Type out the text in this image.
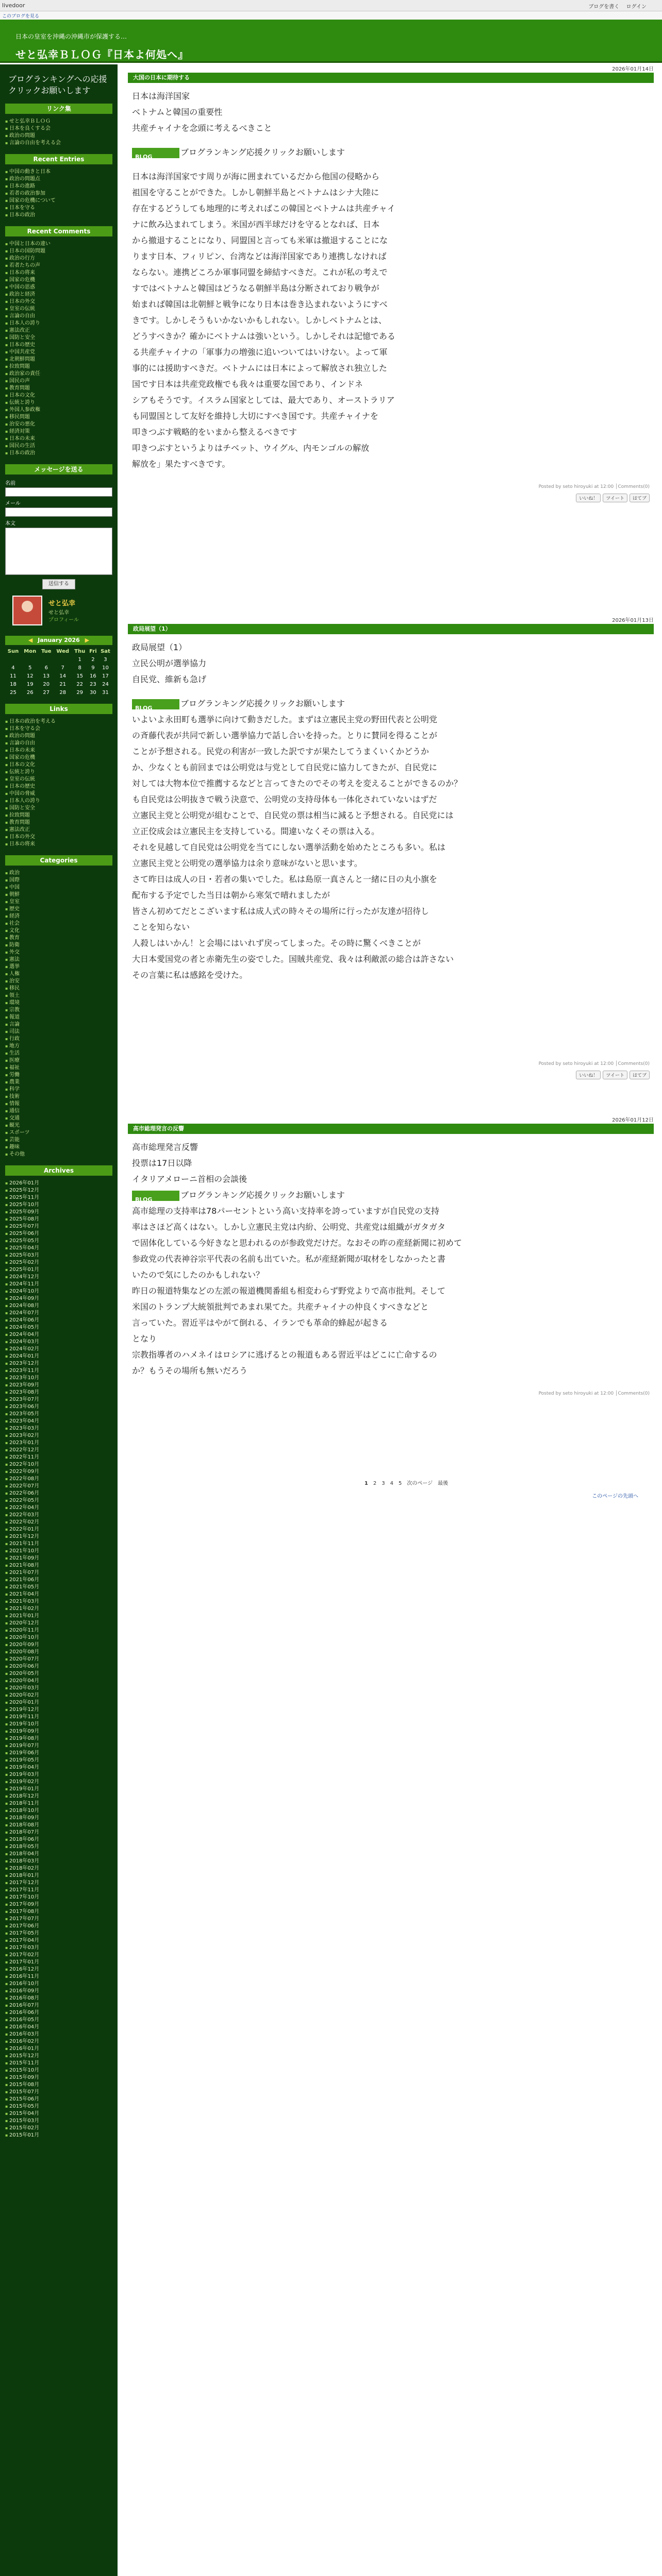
livedoor	ブログを書く ログイン
このブログを見る
日本の皇室を沖縄の沖縄市が保護する…
せと弘幸ＢＬＯＧ『日本よ何処へ』
ブログランキングへの応援クリックお願いします
リンク集
▪ せと弘幸ＢＬＯＧ
▪ 日本を良くする会
▪ 政治の問題
▪ 言論の自由を考える会
Recent Entries
▪ 中国の動きと日本
▪ 政治の問題点
▪ 日本の進路
▪ 若者の政治参加
▪ 国家の危機について
▪ 日本を守る
▪ 日本の政治
Recent Comments
▪ 中国と日本の違い
▪ 日本の国防問題
▪ 政治の行方
▪ 若者たちの声
▪ 日本の将来
▪ 国家の危機
▪ 中国の思惑
▪ 政治と経済
▪ 日本の外交
▪ 皇室の伝統
▪ 言論の自由
▪ 日本人の誇り
▪ 憲法改正
▪ 国防と安全
▪ 日本の歴史
▪ 中国共産党
▪ 北朝鮮問題
▪ 拉致問題
▪ 政治家の責任
▪ 国民の声
▪ 教育問題
▪ 日本の文化
▪ 伝統と誇り
▪ 外国人参政権
▪ 移民問題
▪ 治安の悪化
▪ 経済対策
▪ 日本の未来
▪ 国民の生活
▪ 日本の政治
メッセージを送る
名前
メール
本文
送信する
せと弘幸
せと弘幸
プロフィール
◀ January 2026 ▶
Sun	Mon	Tue	Wed	Thu	Fri	Sat
				1	2	3
4	5	6	7	8	9	10
11	12	13	14	15	16	17
18	19	20	21	22	23	24
25	26	27	28	29	30	31
Links
▪ 日本の政治を考える
▪ 日本を守る会
▪ 政治の問題
▪ 言論の自由
▪ 日本の未来
▪ 国家の危機
▪ 日本の文化
▪ 伝統と誇り
▪ 皇室の伝統
▪ 日本の歴史
▪ 中国の脅威
▪ 日本人の誇り
▪ 国防と安全
▪ 拉致問題
▪ 教育問題
▪ 憲法改正
▪ 日本の外交
▪ 日本の将来
Categories
▪ 政治
▪ 国際
▪ 中国
▪ 朝鮮
▪ 皇室
▪ 歴史
▪ 経済
▪ 社会
▪ 文化
▪ 教育
▪ 防衛
▪ 外交
▪ 憲法
▪ 選挙
▪ 人権
▪ 治安
▪ 移民
▪ 領土
▪ 環境
▪ 宗教
▪ 報道
▪ 言論
▪ 司法
▪ 行政
▪ 地方
▪ 生活
▪ 医療
▪ 福祉
▪ 労働
▪ 農業
▪ 科学
▪ 技術
▪ 情報
▪ 通信
▪ 交通
▪ 観光
▪ スポーツ
▪ 芸能
▪ 趣味
▪ その他
Archives
▪ 2026年01月
▪ 2025年12月
▪ 2025年11月
▪ 2025年10月
▪ 2025年09月
▪ 2025年08月
▪ 2025年07月
▪ 2025年06月
▪ 2025年05月
▪ 2025年04月
▪ 2025年03月
▪ 2025年02月
▪ 2025年01月
▪ 2024年12月
▪ 2024年11月
▪ 2024年10月
▪ 2024年09月
▪ 2024年08月
▪ 2024年07月
▪ 2024年06月
▪ 2024年05月
▪ 2024年04月
▪ 2024年03月
▪ 2024年02月
▪ 2024年01月
▪ 2023年12月
▪ 2023年11月
▪ 2023年10月
▪ 2023年09月
▪ 2023年08月
▪ 2023年07月
▪ 2023年06月
▪ 2023年05月
▪ 2023年04月
▪ 2023年03月
▪ 2023年02月
▪ 2023年01月
▪ 2022年12月
▪ 2022年11月
▪ 2022年10月
▪ 2022年09月
▪ 2022年08月
▪ 2022年07月
▪ 2022年06月
▪ 2022年05月
▪ 2022年04月
▪ 2022年03月
▪ 2022年02月
▪ 2022年01月
▪ 2021年12月
▪ 2021年11月
▪ 2021年10月
▪ 2021年09月
▪ 2021年08月
▪ 2021年07月
▪ 2021年06月
▪ 2021年05月
▪ 2021年04月
▪ 2021年03月
▪ 2021年02月
▪ 2021年01月
▪ 2020年12月
▪ 2020年11月
▪ 2020年10月
▪ 2020年09月
▪ 2020年08月
▪ 2020年07月
▪ 2020年06月
▪ 2020年05月
▪ 2020年04月
▪ 2020年03月
▪ 2020年02月
▪ 2020年01月
▪ 2019年12月
▪ 2019年11月
▪ 2019年10月
▪ 2019年09月
▪ 2019年08月
▪ 2019年07月
▪ 2019年06月
▪ 2019年05月
▪ 2019年04月
▪ 2019年03月
▪ 2019年02月
▪ 2019年01月
▪ 2018年12月
▪ 2018年11月
▪ 2018年10月
▪ 2018年09月
▪ 2018年08月
▪ 2018年07月
▪ 2018年06月
▪ 2018年05月
▪ 2018年04月
▪ 2018年03月
▪ 2018年02月
▪ 2018年01月
▪ 2017年12月
▪ 2017年11月
▪ 2017年10月
▪ 2017年09月
▪ 2017年08月
▪ 2017年07月
▪ 2017年06月
▪ 2017年05月
▪ 2017年04月
▪ 2017年03月
▪ 2017年02月
▪ 2017年01月
▪ 2016年12月
▪ 2016年11月
▪ 2016年10月
▪ 2016年09月
▪ 2016年08月
▪ 2016年07月
▪ 2016年06月
▪ 2016年05月
▪ 2016年04月
▪ 2016年03月
▪ 2016年02月
▪ 2016年01月
▪ 2015年12月
▪ 2015年11月
▪ 2015年10月
▪ 2015年09月
▪ 2015年08月
▪ 2015年07月
▪ 2015年06月
▪ 2015年05月
▪ 2015年04月
▪ 2015年03月
▪ 2015年02月
▪ 2015年01月
2026年01月14日
大国の日本に期待する

日本は海洋国家

ベトナムと韓国の重要性

共産チャイナを念頭に考えるべきこと

BLOGブログランキング応援クリックお願いします

日本は海洋国家です周りが海に囲まれているだから他国の侵略から

祖国を守ることができた。しかし朝鮮半島とベトナムはシナ大陸に

存在するどうしても地理的に考えればこの韓国とベトナムは共産チャイ

ナに飲み込まれてしまう。米国が西半球だけを守るとなれば、日本

から撤退することになり、同盟国と言っても米軍は撤退することにな

ります日本、フィリピン、台湾などは海洋国家であり連携しなければ

ならない。連携どころか軍事同盟を締結すべきだ。これが私の考えで

すではベトナムと韓国はどうなる朝鮮半島は分断されており戦争が

始まれば韓国は北朝鮮と戦争になり日本は巻き込まれないようにすべ

きです。しかしそうもいかないかもしれない。しかしベトナムとは、

どうすべきか？確かにベトナムは強いという。しかしそれは記憶である

る共産チャイナの「軍事力の増強に追いついてはいけない。よって軍

事的には援助すべきだ。ベトナムには日本によって解放され独立した

国です日本は共産党政権でも我々は重要な国であり、インドネ

シアもそうです。イスラム国家としては、最大であり、オーストラリア

も同盟国として友好を維持し大切にすべき国です。共産チャイナを

叩きつぶす戦略的をいまから整えるべきです

叩きつぶすというよりはチベット、ウイグル、内モンゴルの解放

解放を」果たすべきです。

Posted by seto hiroyuki at 12:00 │Comments(0)
いいね！ ツイート はてブ
2026年01月13日
政局展望（1）

政局展望（1）

立民公明が選挙協力

自民党、維新も急げ

BLOGブログランキング応援クリックお願いします

いよいよ永田町も選挙に向けて動きだした。まずは立憲民主党の野田代表と公明党

の斉藤代表が共同で新しい選挙協力で話し合いを持った。とりに賛同を得ることが

ことが予想される。民党の利害が一致した訳ですが果たしてうまくいくかどうか

か、少なくとも前回までは公明党は与党として自民党に協力してきたが、自民党に

対しては大物本位で推薦するなどと言ってきたのでその考えを変えることができるのか？

も自民党は公明抜きで戦う決意で、公明党の支持母体も一体化されていないはずだ

立憲民主党と公明党が組むことで、自民党の票は相当に減ると予想される。自民党には

立正佼成会は立憲民主を支持している。間違いなくその票は入る。

それを見越して自民党は公明党を当てにしない選挙活動を始めたところも多い。私は

立憲民主党と公明党の選挙協力は余り意味がないと思います。

さて昨日は成人の日・若者の集いでした。私は島原一真さんと一緒に日の丸小旗を

配布する予定でした当日は朝から寒気で晴れましたが

皆さん初めてだとこざいます私は成人式の時々その場所に行ったが友達が招待し

ことを知らない

人殺しはいかん！と会場にはいれず戻ってしまった。その時に驚くべきことが

大日本愛国党の者と赤衛先生の姿でした。国賊共産党、我々は利敵派の総合は許さない

その言葉に私は感銘を受けた。

Posted by seto hiroyuki at 12:00 │Comments(0)
いいね！ ツイート はてブ
2026年01月12日
高市総理発言の反響

高市総理発言反響

投票は17日以降

イタリアメローニ首相の会談後

BLOGブログランキング応援クリックお願いします

高市総理の支持率は78パーセントという高い支持率を誇っていますが自民党の支持

率はさほど高くはない。しかし立憲民主党は内紛、公明党、共産党は組織がガタガタ

で固体化している今好きなと思われるのが参政党だけだ。なおその昨の産経新聞に初めて

参政党の代表神谷宗平代表の名前も出ていた。私が産経新聞が取材をしなかったと書

いたので気にしたのかもしれない？

昨日の報道特集などの左派の報道機関番組も相変わらず野党よりで高市批判。そして

米国のトランプ大統領批判であまれ果てた。共産チャイナの仲良くすべきなどと

言っていた。習近平はやがて倒れる、イランでも革命的蜂起が起きる

となり

宗教指導者のハメネイはロシアに逃げるとの報道もある習近平はどこに亡命するの

か？もうその場所も無いだろう

Posted by seto hiroyuki at 12:00 │Comments(0)
1 2 3 4 5 次のページ 最後
このページの先頭へ
